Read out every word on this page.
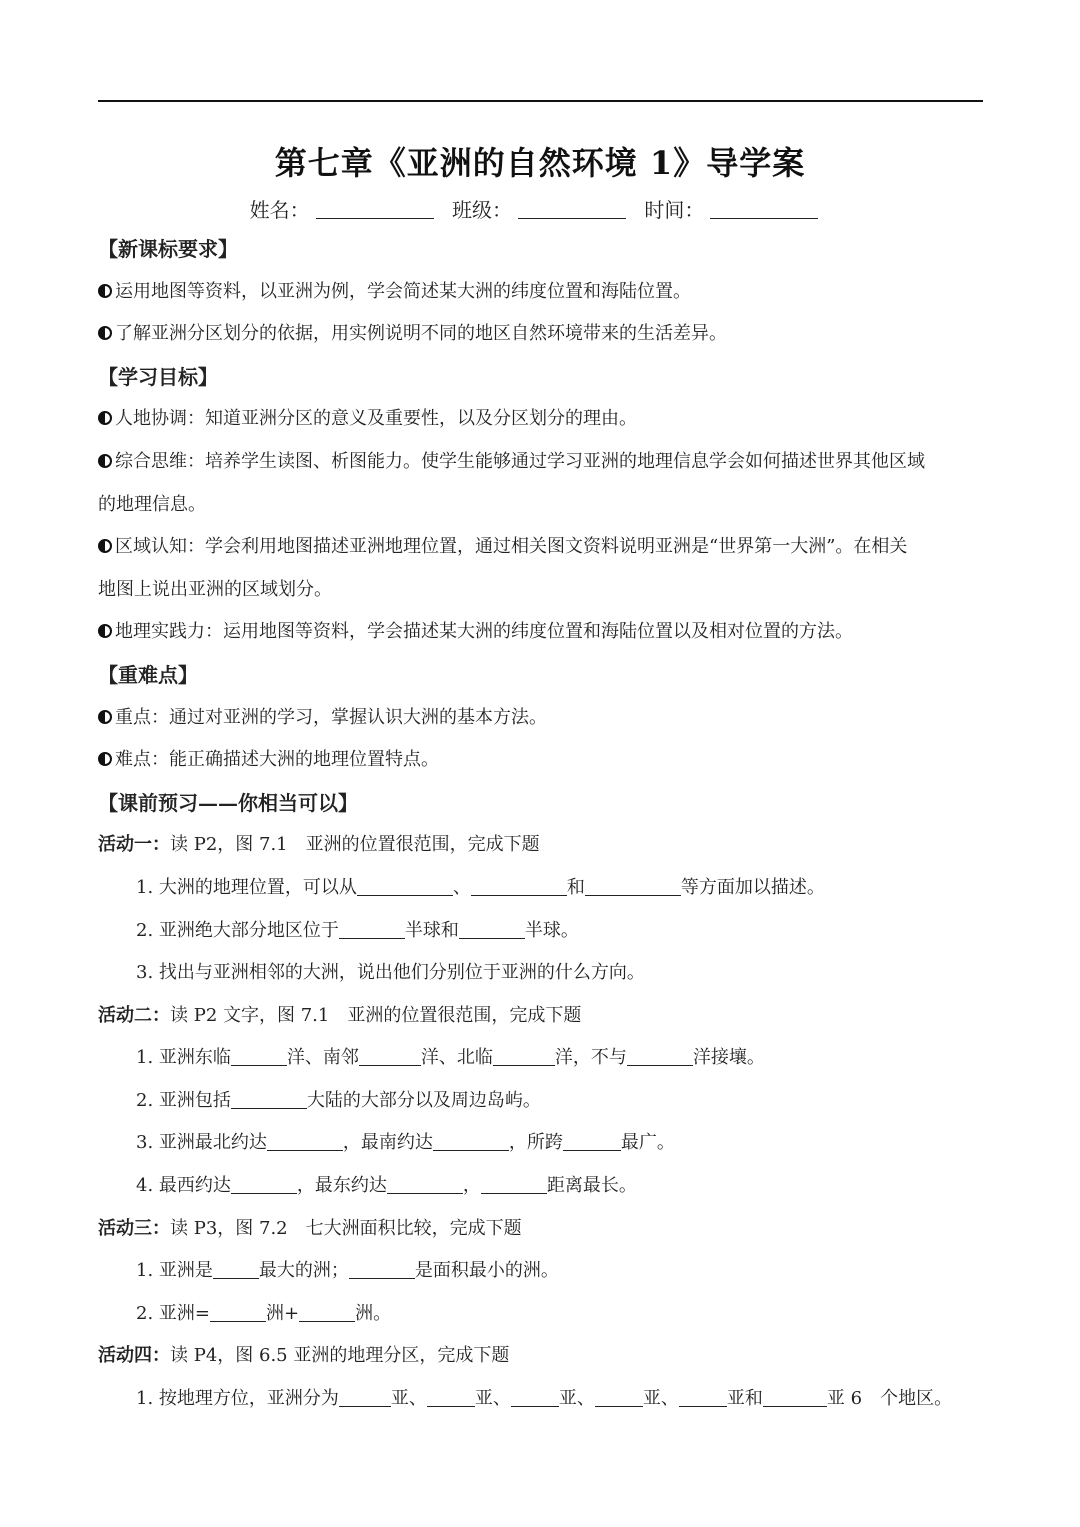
第七章《亚洲的自然环境 1》导学案
姓名：	班级：	时间：
【新课标要求】
运用地图等资料，以亚洲为例，学会简述某大洲的纬度位置和海陆位置。
了解亚洲分区划分的依据，用实例说明不同的地区自然环境带来的生活差异。
【学习目标】
人地协调：知道亚洲分区的意义及重要性，以及分区划分的理由。
综合思维：培养学生读图、析图能力。使学生能够通过学习亚洲的地理信息学会如何描述世界其他区域
的地理信息。
区域认知：学会利用地图描述亚洲地理位置，通过相关图文资料说明亚洲是“世界第一大洲”。在相关
地图上说出亚洲的区域划分。
地理实践力：运用地图等资料，学会描述某大洲的纬度位置和海陆位置以及相对位置的方法。
【重难点】
重点：通过对亚洲的学习，掌握认识大洲的基本方法。
难点：能正确描述大洲的地理位置特点。
【课前预习——你相当可以】
活动一：读 P2，图 7.1　亚洲的位置很范围，完成下题
1. 大洲的地理位置，可以从	、	和	等方面加以描述。
2. 亚洲绝大部分地区位于	半球和	半球。
3. 找出与亚洲相邻的大洲，说出他们分别位于亚洲的什么方向。
活动二：读 P2 文字，图 7.1　亚洲的位置很范围，完成下题
1. 亚洲东临	洋、南邻	洋、北临	洋，不与	洋接壤。
2. 亚洲包括	大陆的大部分以及周边岛屿。
3. 亚洲最北约达	，最南约达	，所跨	最广。
4. 最西约达	，最东约达	，	距离最长。
活动三：读 P3，图 7.2　七大洲面积比较，完成下题
1. 亚洲是	最大的洲；	是面积最小的洲。
2. 亚洲=	洲+	洲。
活动四：读 P4，图 6.5 亚洲的地理分区，完成下题
1. 按地理方位，亚洲分为	亚、	亚、	亚、	亚、	亚和	亚 6　个地区。
